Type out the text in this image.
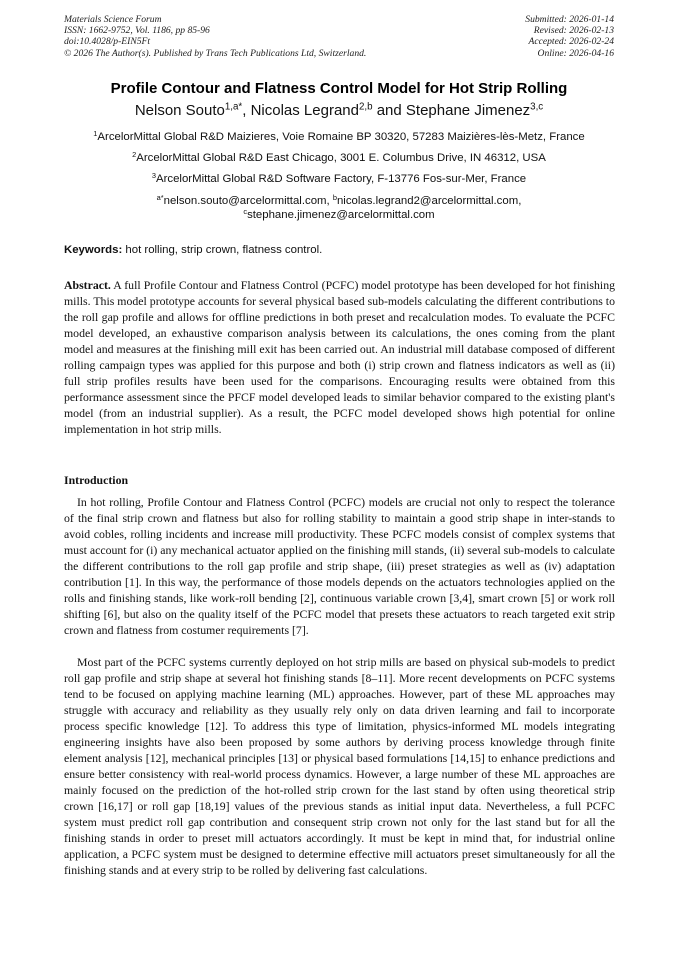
Materials Science Forum
ISSN: 1662-9752, Vol. 1186, pp 85-96
doi:10.4028/p-EIN5Ft
© 2026 The Author(s). Published by Trans Tech Publications Ltd, Switzerland.
Submitted: 2026-01-14
Revised: 2026-02-13
Accepted: 2026-02-24
Online: 2026-04-16
Profile Contour and Flatness Control Model for Hot Strip Rolling
Nelson Souto$^{1,a*}$, Nicolas Legrand$^{2,b}$ and Stephane Jimenez$^{3,c}$
$^1$ArcelorMittal Global R&D Maizieres, Voie Romaine BP 30320, 57283 Maizières-lès-Metz, France
$^2$ArcelorMittal Global R&D East Chicago, 3001 E. Columbus Drive, IN 46312, USA
$^3$ArcelorMittal Global R&D Software Factory, F-13776 Fos-sur-Mer, France
$^{a*}$nelson.souto@arcelormittal.com, $^b$nicolas.legrand2@arcelormittal.com,
$^c$stephane.jimenez@arcelormittal.com
Keywords: hot rolling, strip crown, flatness control.
Abstract. A full Profile Contour and Flatness Control (PCFC) model prototype has been developed for hot finishing mills. This model prototype accounts for several physical based sub-models calculating the different contributions to the roll gap profile and allows for offline predictions in both preset and recalculation modes. To evaluate the PCFC model developed, an exhaustive comparison analysis between its calculations, the ones coming from the plant model and measures at the finishing mill exit has been carried out. An industrial mill database composed of different rolling campaign types was applied for this purpose and both (i) strip crown and flatness indicators as well as (ii) full strip profiles results have been used for the comparisons. Encouraging results were obtained from this performance assessment since the PFCF model developed leads to similar behavior compared to the existing plant's model (from an industrial supplier). As a result, the PCFC model developed shows high potential for online implementation in hot strip mills.
Introduction
In hot rolling, Profile Contour and Flatness Control (PCFC) models are crucial not only to respect the tolerance of the final strip crown and flatness but also for rolling stability to maintain a good strip shape in inter-stands to avoid cobles, rolling incidents and increase mill productivity. These PCFC models consist of complex systems that must account for (i) any mechanical actuator applied on the finishing mill stands, (ii) several sub-models to calculate the different contributions to the roll gap profile and strip shape, (iii) preset strategies as well as (iv) adaptation contribution [1]. In this way, the performance of those models depends on the actuators technologies applied on the rolls and finishing stands, like work-roll bending [2], continuous variable crown [3,4], smart crown [5] or work roll shifting [6], but also on the quality itself of the PCFC model that presets these actuators to reach targeted exit strip crown and flatness from costumer requirements [7].
Most part of the PCFC systems currently deployed on hot strip mills are based on physical sub-models to predict roll gap profile and strip shape at several hot finishing stands [8–11]. More recent developments on PCFC systems tend to be focused on applying machine learning (ML) approaches. However, part of these ML approaches may struggle with accuracy and reliability as they usually rely only on data driven learning and fail to incorporate process specific knowledge [12]. To address this type of limitation, physics-informed ML models integrating engineering insights have also been proposed by some authors by deriving process knowledge through finite element analysis [12], mechanical principles [13] or physical based formulations [14,15] to enhance predictions and ensure better consistency with real-world process dynamics. However, a large number of these ML approaches are mainly focused on the prediction of the hot-rolled strip crown for the last stand by often using theoretical strip crown [16,17] or roll gap [18,19] values of the previous stands as initial input data. Nevertheless, a full PCFC system must predict roll gap contribution and consequent strip crown not only for the last stand but for all the finishing stands in order to preset mill actuators accordingly. It must be kept in mind that, for industrial online application, a PCFC system must be designed to determine effective mill actuators preset simultaneously for all the finishing stands and at every strip to be rolled by delivering fast calculations.
